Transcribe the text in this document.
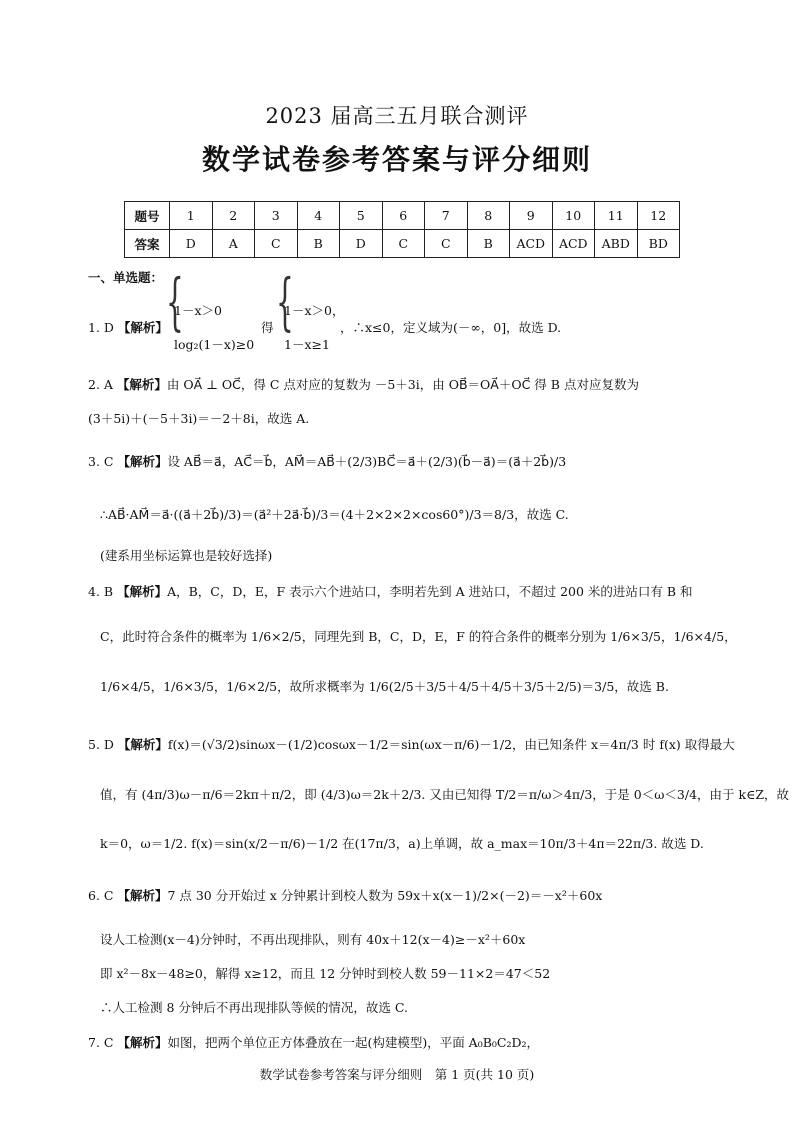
2023 届高三五月联合测评
数学试卷参考答案与评分细则
题号	1	2	3	4	5	6	7	8	9	10	11	12
答案	D	A	C	B	D	C	C	B	ACD	ACD	ABD	BD
一、单选题：
1. D 【解析】
{
1－x＞0
log₂(1－x)≥0
得 {
1－x＞0，
1－x≥1
，∴x≤0，定义域为(－∞，0]，故选 D.
2. A 【解析】由 OA⃗ ⊥ OC⃗，得 C 点对应的复数为 －5＋3i，由 OB⃗＝OA⃗＋OC⃗ 得 B 点对应复数为
(3＋5i)＋(－5＋3i)＝－2＋8i，故选 A.
3. C 【解析】设 AB⃗＝a⃗，AC⃗＝b⃗，AM⃗＝AB⃗＋(2/3)BC⃗＝a⃗＋(2/3)(b⃗－a⃗)＝(a⃗＋2b⃗)/3
∴AB⃗·AM⃗＝a⃗·((a⃗＋2b⃗)/3)＝(a⃗²＋2a⃗·b⃗)/3＝(4＋2×2×2×cos60°)/3＝8/3，故选 C.
(建系用坐标运算也是较好选择)
4. B 【解析】A，B，C，D，E，F 表示六个进站口，李明若先到 A 进站口，不超过 200 米的进站口有 B 和
C，此时符合条件的概率为 1/6×2/5，同理先到 B，C，D，E，F 的符合条件的概率分别为 1/6×3/5，1/6×4/5，
1/6×4/5，1/6×3/5，1/6×2/5，故所求概率为 1/6(2/5＋3/5＋4/5＋4/5＋3/5＋2/5)＝3/5，故选 B.
5. D 【解析】f(x)＝(√3/2)sinωx－(1/2)cosωx－1/2＝sin(ωx－π/6)－1/2，由已知条件 x＝4π/3 时 f(x) 取得最大
值，有 (4π/3)ω－π/6＝2kπ＋π/2，即 (4/3)ω＝2k＋2/3. 又由已知得 T/2＝π/ω＞4π/3，于是 0＜ω＜3/4，由于 k∈Z，故
k＝0，ω＝1/2. f(x)＝sin(x/2－π/6)－1/2 在(17π/3，a)上单调，故 a_max＝10π/3＋4π＝22π/3. 故选 D.
6. C 【解析】7 点 30 分开始过 x 分钟累计到校人数为 59x＋x(x－1)/2×(－2)＝－x²＋60x
设人工检测(x－4)分钟时，不再出现排队，则有 40x＋12(x－4)≥－x²＋60x
即 x²－8x－48≥0，解得 x≥12，而且 12 分钟时到校人数 59－11×2＝47＜52
∴人工检测 8 分钟后不再出现排队等候的情况，故选 C.
7. C 【解析】如图，把两个单位正方体叠放在一起(构建模型)，平面 A₀B₀C₂D₂，
数学试卷参考答案与评分细则　第 1 页(共 10 页)
